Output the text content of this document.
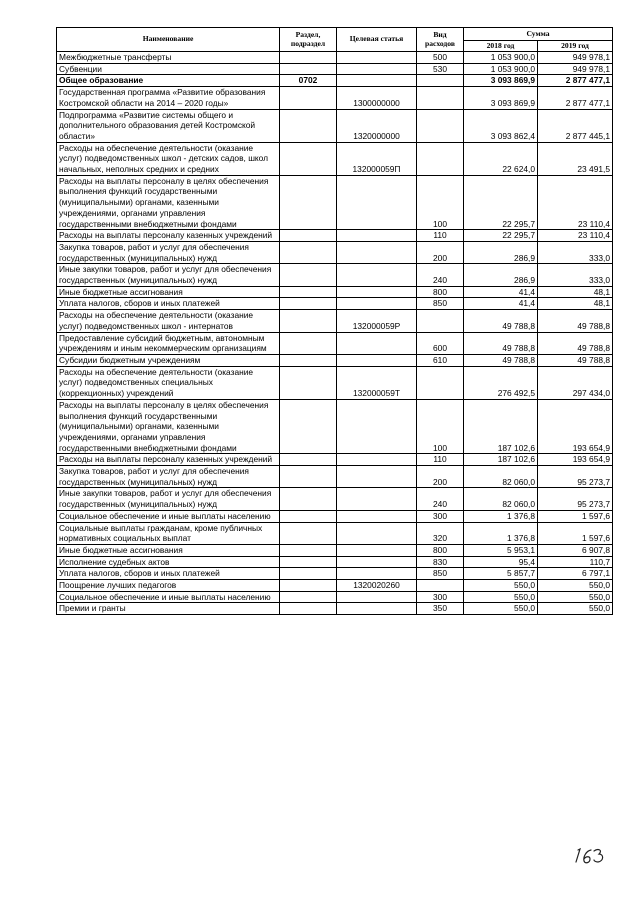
Наименование	Раздел, подраздел	Целевая статья	Вид расходов	Сумма	
				2018 год	2019 год
Межбюджетные трансферты			500	1 053 900,0	949 978,1
Субвенции			530	1 053 900,0	949 978,1
Общее образование	0702			3 093 869,9	2 877 477,1
Государственная программа «Развитие образования Костромской области на 2014 – 2020 годы»		1300000000		3 093 869,9	2 877 477,1
Подпрограмма «Развитие системы общего и дополнительного образования детей Костромской области»		1320000000		3 093 862,4	2 877 445,1
Расходы на обеспечение деятельности (оказание услуг) подведомственных школ - детских садов, школ начальных, неполных средних и средних		132000059П		22 624,0	23 491,5
Расходы на выплаты персоналу в целях обеспечения выполнения функций государственными (муниципальными) органами, казенными учреждениями, органами управления государственными внебюджетными фондами			100	22 295,7	23 110,4
Расходы на выплаты персоналу казенных учреждений			110	22 295,7	23 110,4
Закупка товаров, работ и услуг для обеспечения государственных (муниципальных) нужд			200	286,9	333,0
Иные закупки товаров, работ и услуг для обеспечения государственных (муниципальных) нужд			240	286,9	333,0
Иные бюджетные ассигнования			800	41,4	48,1
Уплата налогов, сборов и иных платежей			850	41,4	48,1
Расходы на обеспечение деятельности (оказание услуг) подведомственных школ - интернатов		132000059Р		49 788,8	49 788,8
Предоставление субсидий бюджетным, автономным учреждениям и иным некоммерческим организациям			600	49 788,8	49 788,8
Субсидии бюджетным учреждениям			610	49 788,8	49 788,8
Расходы на обеспечение деятельности (оказание услуг) подведомственных специальных (коррекционных) учреждений		132000059Т		276 492,5	297 434,0
Расходы на выплаты персоналу в целях обеспечения выполнения функций государственными (муниципальными) органами, казенными учреждениями, органами управления государственными внебюджетными фондами			100	187 102,6	193 654,9
Расходы на выплаты персоналу казенных учреждений			110	187 102,6	193 654,9
Закупка товаров, работ и услуг для обеспечения государственных (муниципальных) нужд			200	82 060,0	95 273,7
Иные закупки товаров, работ и услуг для обеспечения государственных (муниципальных) нужд			240	82 060,0	95 273,7
Социальное обеспечение и иные выплаты населению			300	1 376,8	1 597,6
Социальные выплаты гражданам, кроме публичных нормативных социальных выплат			320	1 376,8	1 597,6
Иные бюджетные ассигнования			800	5 953,1	6 907,8
Исполнение судебных актов			830	95,4	110,7
Уплата налогов, сборов и иных платежей			850	5 857,7	6 797,1
Поощрение лучших педагогов		1320020260		550,0	550,0
Социальное обеспечение и иные выплаты населению			300	550,0	550,0
Премии и гранты			350	550,0	550,0
